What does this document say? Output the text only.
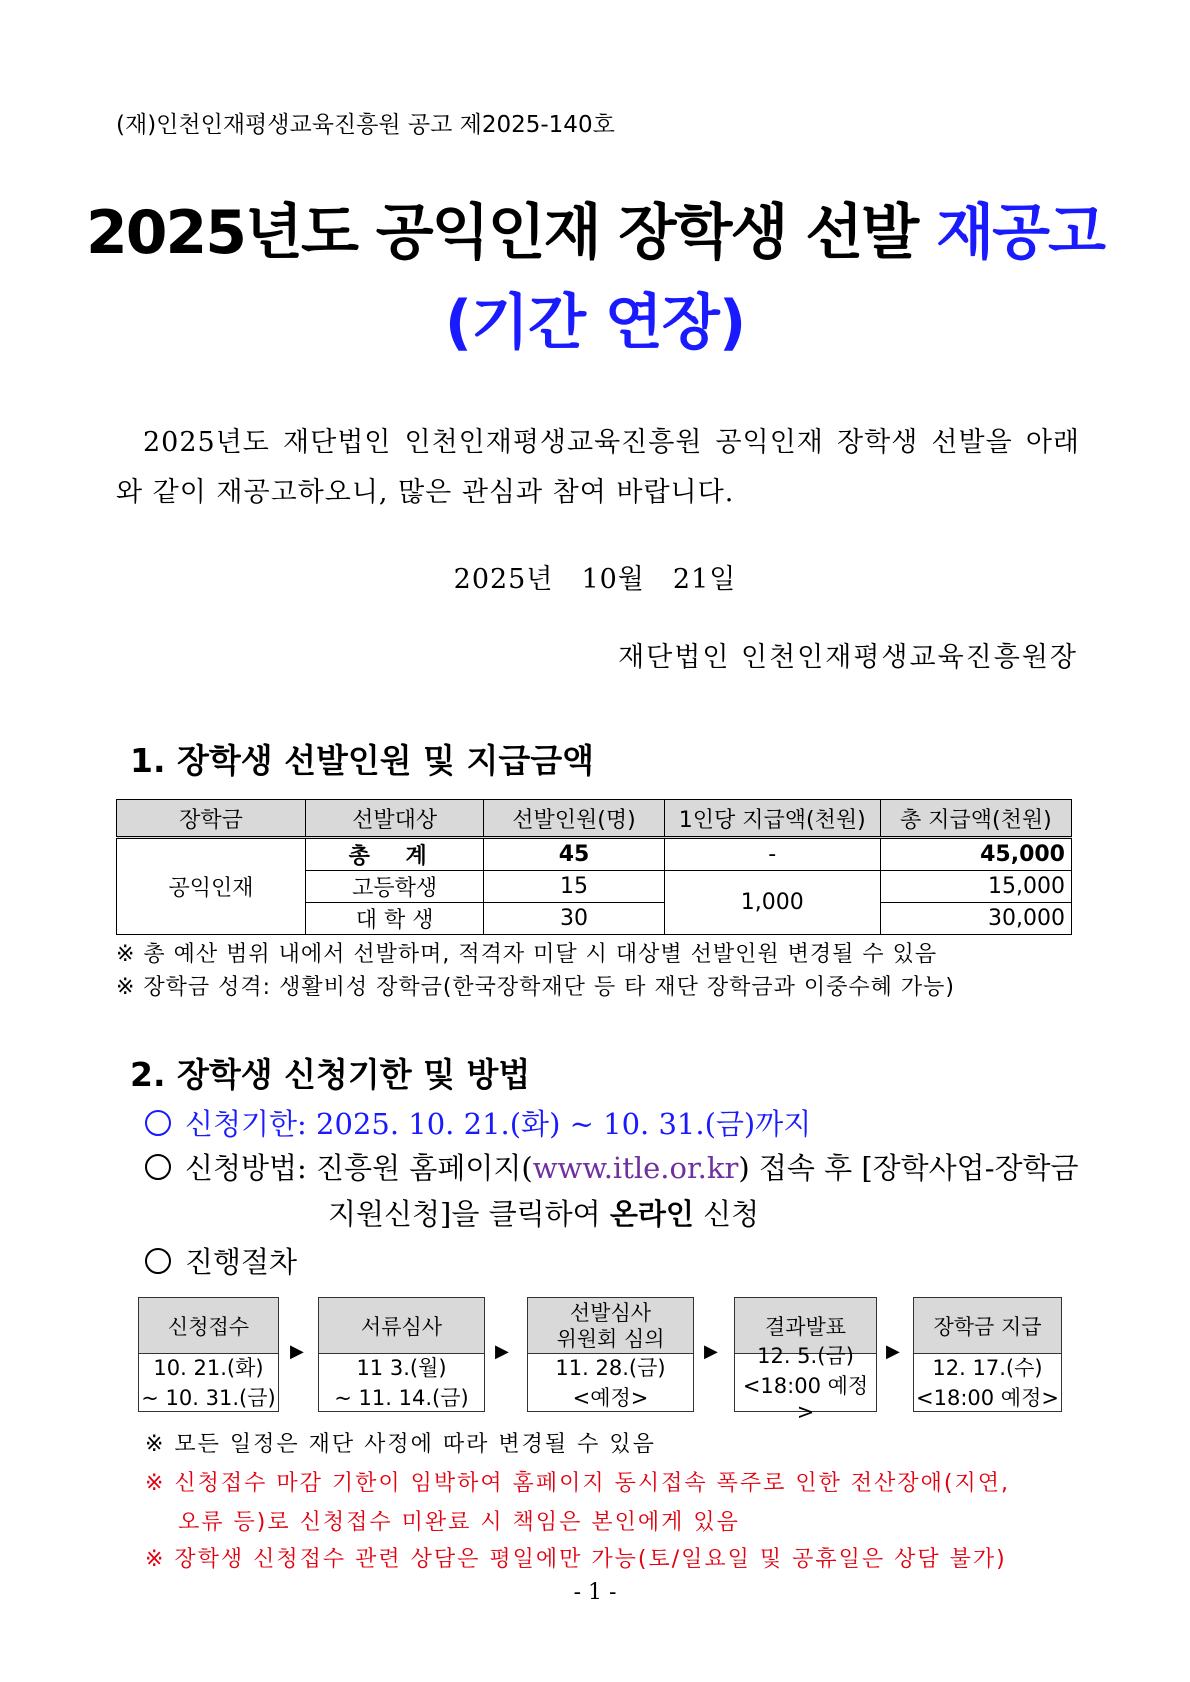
(재)인천인재평생교육진흥원 공고 제2025-140호
2025년도 공익인재 장학생 선발 재공고
(기간 연장)
2025년도 재단법인 인천인재평생교육진흥원 공익인재 장학생 선발을 아래와 같이 재공고하오니, 많은 관심과 참여 바랍니다.
2025년 10월 21일
재단법인 인천인재평생교육진흥원장
1. 장학생 선발인원 및 지급금액
장학금	선발대상	선발인원(명)	1인당 지급액(천원)	총 지급액(천원)
공익인재	총 계	45	-	45,000
	고등학생	15	1,000	15,000
	대 학 생	30		30,000
※ 총 예산 범위 내에서 선발하며, 적격자 미달 시 대상별 선발인원 변경될 수 있음
※ 장학금 성격: 생활비성 장학금(한국장학재단 등 타 재단 장학금과 이중수혜 가능)
2. 장학생 신청기한 및 방법
신청기한: 2025. 10. 21.(화) ~ 10. 31.(금)까지
신청방법: 진흥원 홈페이지(www.itle.or.kr) 접속 후 [장학사업-장학금
지원신청]을 클릭하여 온라인 신청
진행절차
신청접수
10. 21.(화)
~ 10. 31.(금)
▶
서류심사
11 3.(월)
~ 11. 14.(금)
▶
선발심사
위원회 심의
11. 28.(금)
<예정>
▶
결과발표
12. 5.(금)
<18:00 예정>
▶
장학금 지급
12. 17.(수)
<18:00 예정>
※ 모든 일정은 재단 사정에 따라 변경될 수 있음
※ 신청접수 마감 기한이 임박하여 홈페이지 동시접속 폭주로 인한 전산장애(지연,
오류 등)로 신청접수 미완료 시 책임은 본인에게 있음
※ 장학생 신청접수 관련 상담은 평일에만 가능(토/일요일 및 공휴일은 상담 불가)
- 1 -
